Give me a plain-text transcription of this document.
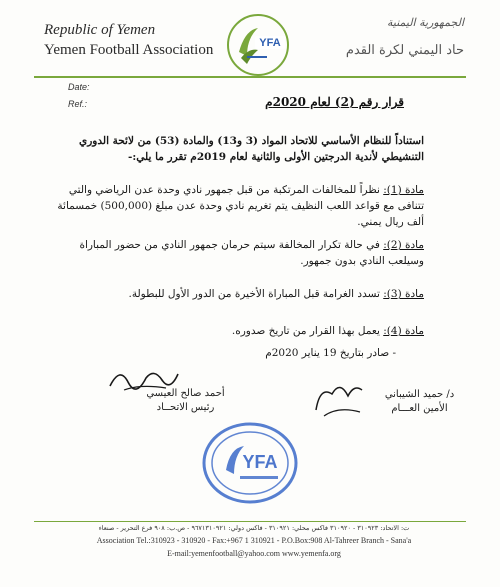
Republic of Yemen
Yemen Football Association	YFA
الجمهورية اليمنية
حاد اليمني لكرة القدم
Date:
Ref.:	قرار رقم (2) لعام 2020م
استناداً للنظام الأساسي للاتحاد المواد (3 و13) والمادة (53) من لائحة الدوري التنشيطي لأندية الدرجتين الأولى والثانية لعام 2019م تقرر ما يلي:-
مادة (1): نظراً للمخالفات المرتكبة من قبل جمهور نادي وحدة عدن الرياضي والتي تتنافى مع قواعد اللعب النظيف يتم تغريم نادي وحدة عدن مبلغ (500,000) خمسمائة ألف ريال يمني.
مادة (2): في حالة تكرار المخالفة سيتم حرمان جمهور النادي من حضور المباراة وسيلعب النادي بدون جمهور.
مادة (3): تسدد الغرامة قبل المباراة الأخيرة من الدور الأول للبطولة.
مادة (4): يعمل بهذا القرار من تاريخ صدوره.
- صادر بتاريخ 19 يناير 2020م
أحمد صالح العيسي
رئيس الاتحــاد
د/ حميد الشيباني
الأمين العـــام
YFA
ت: الاتحاد: ٣١٠٩٢٣ - ٣١٠٩٢٠ فاكس محلي: ٣١٠٩٢١ - فاكس دولي: ٩٦٧١٣١٠٩٢١ - ص.ب: ٩٠٨ فرع التحرير - صنعاء
Association Tel.:310923 - 310920 - Fax:+967 1 310921 - P.O.Box:908 Al-Tahreer Branch - Sana'a
E-mail:yemenfootball@yahoo.com www.yemenfa.org
